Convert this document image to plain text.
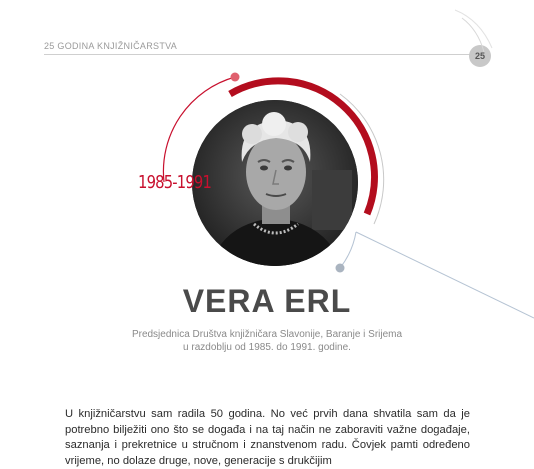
25 GODINA KNJIŽNIČARSTVA
25
1985-1991
VERA ERL
Predsjednica Društva knjižničara Slavonije, Baranje i Srijema
u razdoblju od 1985. do 1991. godine.

U knjižničarstvu sam radila 50 godina. No već prvih dana shvatila sam da je potrebno bilježiti ono što se događa i na taj način ne zaboraviti važne događaje, saznanja i prekretnice u stručnom i znanstvenom radu. Čovjek pamti određeno vrijeme, no dolaze druge, nove, generacije s drukčijim
